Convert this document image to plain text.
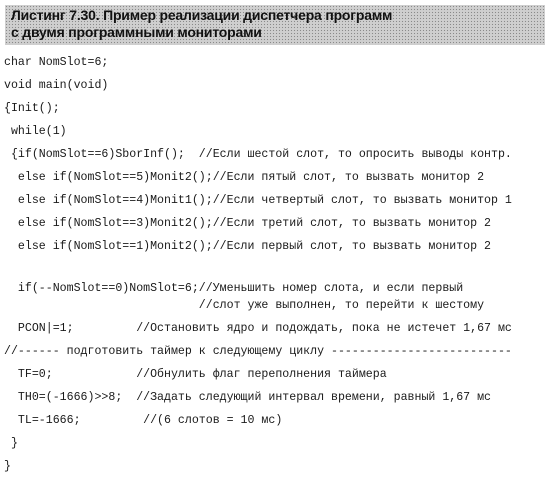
Листинг 7.30. Пример реализации диспетчера программ
с двумя программными мониторами
char NomSlot=6;
void main(void)
{Init();
while(1)
{if(NomSlot==6)SborInf();  //Если шестой слот, то опросить выводы контр.
else if(NomSlot==5)Monit2();//Если пятый слот, то вызвать монитор 2
else if(NomSlot==4)Monit1();//Если четвертый слот, то вызвать монитор 1
else if(NomSlot==3)Monit2();//Если третий слот, то вызвать монитор 2
else if(NomSlot==1)Monit2();//Если первый слот, то вызвать монитор 2
if(--NomSlot==0)NomSlot=6;//Уменьшить номер слота, и если первый
//слот уже выполнен, то перейти к шестому
PCON|=1;         //Остановить ядро и подождать, пока не истечет 1,67 мс
//------ подготовить таймер к следующему циклу --------------------------
TF=0;            //Обнулить флаг переполнения таймера
TH0=(-1666)>>8;  //Задать следующий интервал времени, равный 1,67 мс
TL=-1666;         //(6 слотов = 10 мс)
}
}
